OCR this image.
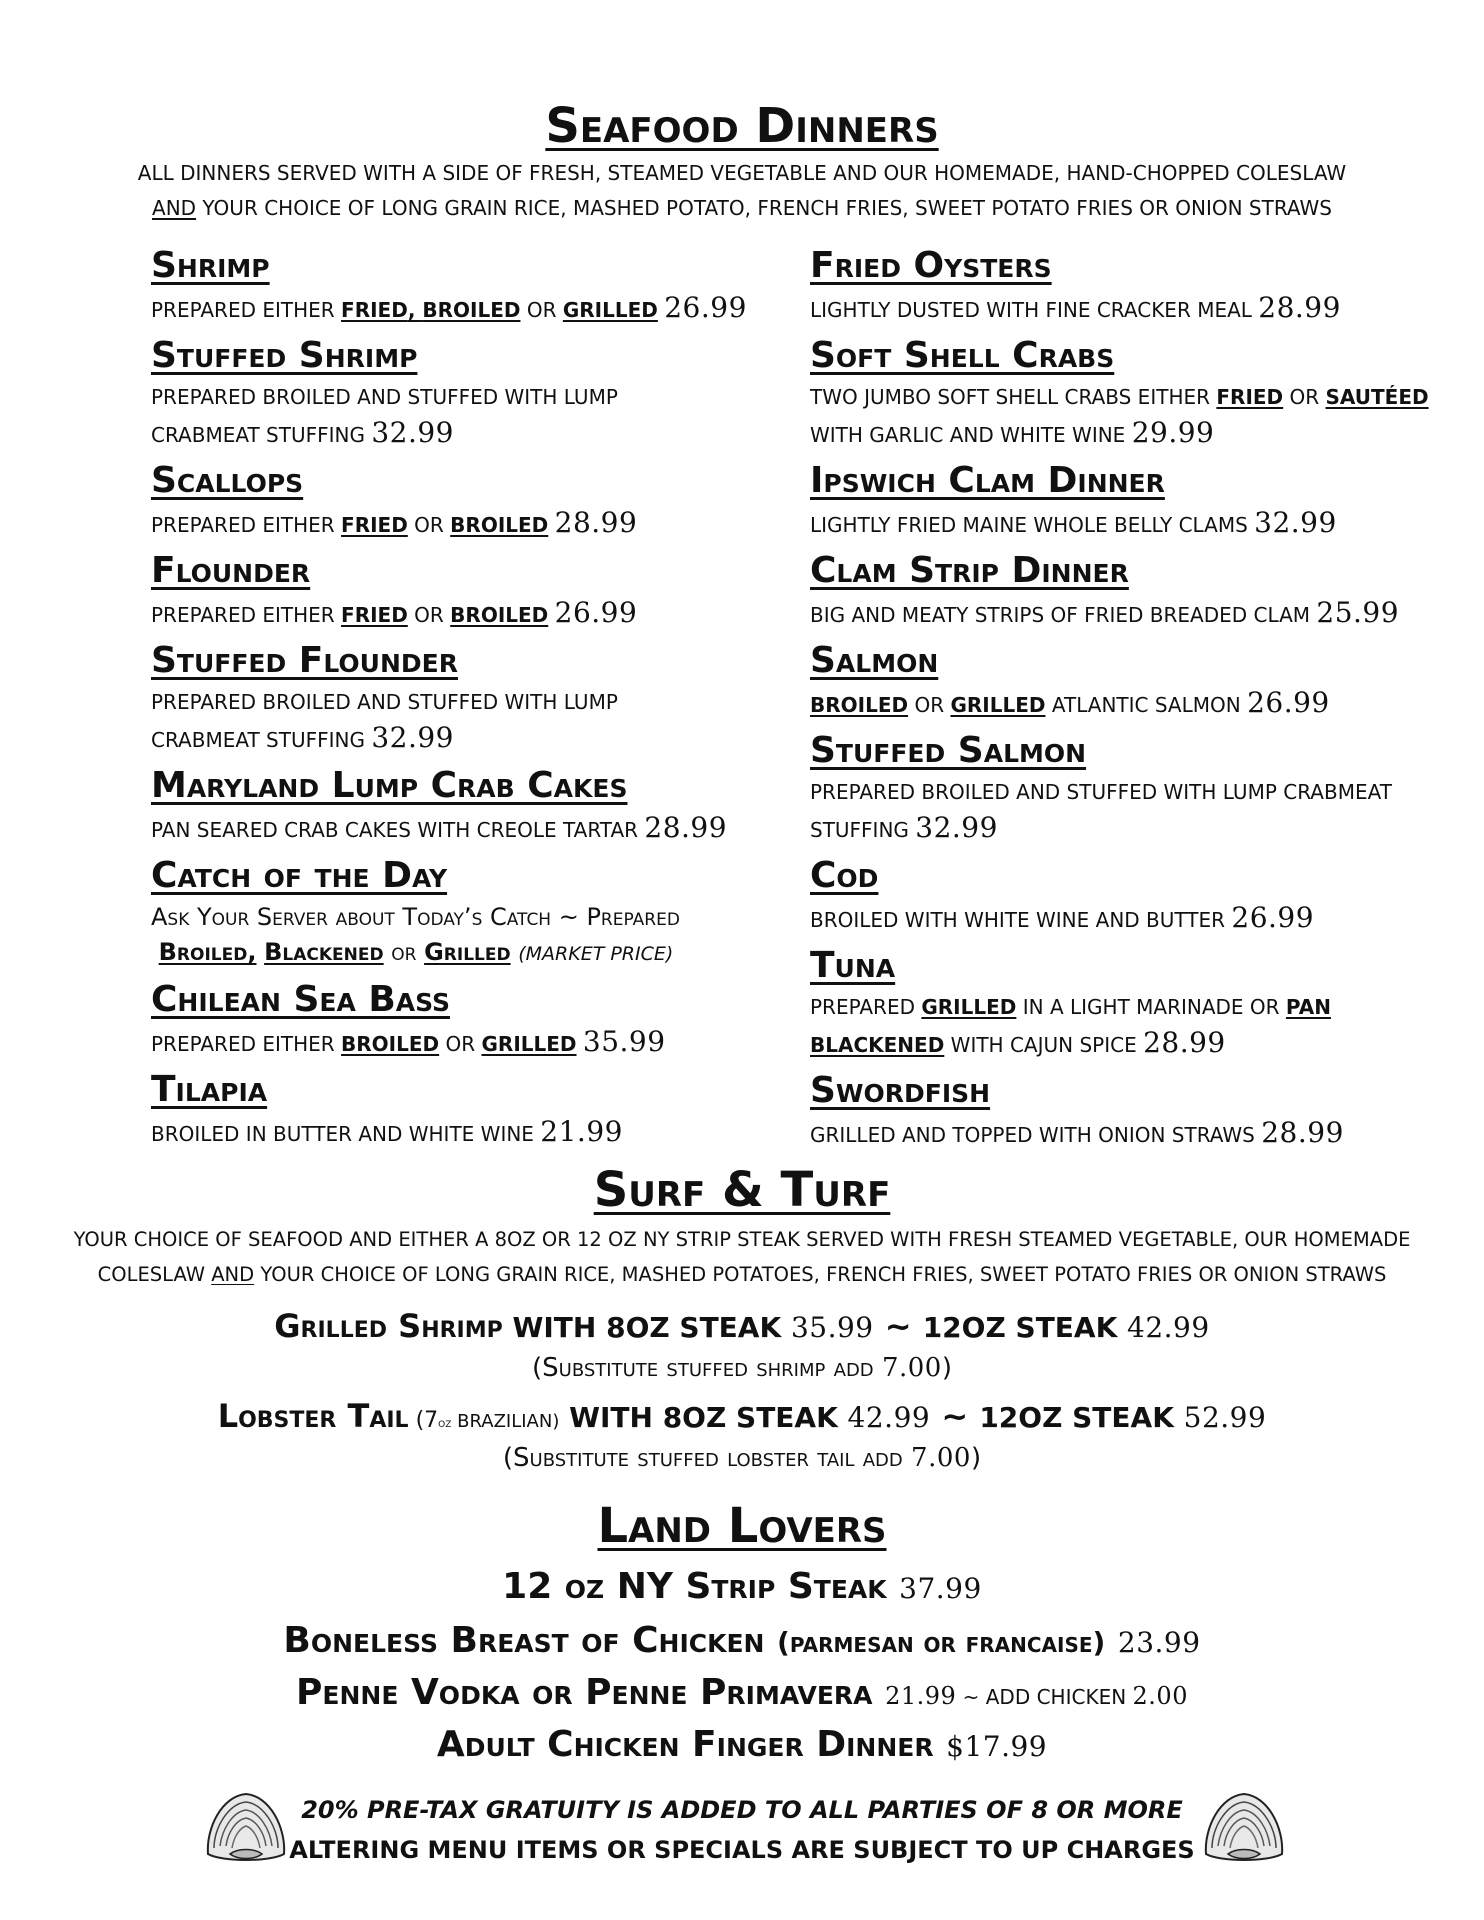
Seafood Dinners
ALL DINNERS SERVED WITH A SIDE OF FRESH, STEAMED VEGETABLE AND OUR HOMEMADE, HAND-CHOPPED COLESLAW
AND YOUR CHOICE OF LONG GRAIN RICE, MASHED POTATO, FRENCH FRIES, SWEET POTATO FRIES OR ONION STRAWS
Shrimp
PREPARED EITHER FRIED, BROILED OR GRILLED 26.99
Stuffed Shrimp
PREPARED BROILED AND STUFFED WITH LUMP
CRABMEAT STUFFING 32.99
Scallops
PREPARED EITHER FRIED OR BROILED 28.99
Flounder
PREPARED EITHER FRIED OR BROILED 26.99
Stuffed Flounder
PREPARED BROILED AND STUFFED WITH LUMP
CRABMEAT STUFFING 32.99
Maryland Lump Crab Cakes
PAN SEARED CRAB CAKES WITH CREOLE TARTAR 28.99
Catch of the Day
Ask Your Server about Today’s Catch ~ Prepared
Broiled, Blackened or Grilled (MARKET PRICE)
Chilean Sea Bass
PREPARED EITHER BROILED OR GRILLED 35.99
Tilapia
BROILED IN BUTTER AND WHITE WINE 21.99
Fried Oysters
LIGHTLY DUSTED WITH FINE CRACKER MEAL 28.99
Soft Shell Crabs
TWO JUMBO SOFT SHELL CRABS EITHER FRIED OR SAUTÉED
WITH GARLIC AND WHITE WINE 29.99
Ipswich Clam Dinner
LIGHTLY FRIED MAINE WHOLE BELLY CLAMS 32.99
Clam Strip Dinner
BIG AND MEATY STRIPS OF FRIED BREADED CLAM 25.99
Salmon
BROILED OR GRILLED ATLANTIC SALMON 26.99
Stuffed Salmon
PREPARED BROILED AND STUFFED WITH LUMP CRABMEAT
STUFFING 32.99
Cod
BROILED WITH WHITE WINE AND BUTTER 26.99
Tuna
PREPARED GRILLED IN A LIGHT MARINADE OR PAN
BLACKENED WITH CAJUN SPICE 28.99
Swordfish
GRILLED AND TOPPED WITH ONION STRAWS 28.99
Surf & Turf
YOUR CHOICE OF SEAFOOD AND EITHER A 8OZ OR 12 OZ NY STRIP STEAK SERVED WITH FRESH STEAMED VEGETABLE, OUR HOMEMADE
COLESLAW AND YOUR CHOICE OF LONG GRAIN RICE, MASHED POTATOES, FRENCH FRIES, SWEET POTATO FRIES OR ONION STRAWS
Grilled Shrimp WITH 8OZ STEAK 35.99 ~ 12OZ STEAK 42.99
(Substitute stuffed shrimp add 7.00)
Lobster Tail (7oz BRAZILIAN) WITH 8OZ STEAK 42.99 ~ 12OZ STEAK 52.99
(Substitute stuffed lobster tail add 7.00)
Land Lovers
12 oz NY Strip Steak 37.99
Boneless Breast of Chicken (parmesan or francaise) 23.99
Penne Vodka or Penne Primavera 21.99 ~ ADD CHICKEN 2.00
Adult Chicken Finger Dinner $17.99
20% PRE-TAX GRATUITY IS ADDED TO ALL PARTIES OF 8 OR MORE
ALTERING MENU ITEMS OR SPECIALS ARE SUBJECT TO UP CHARGES
